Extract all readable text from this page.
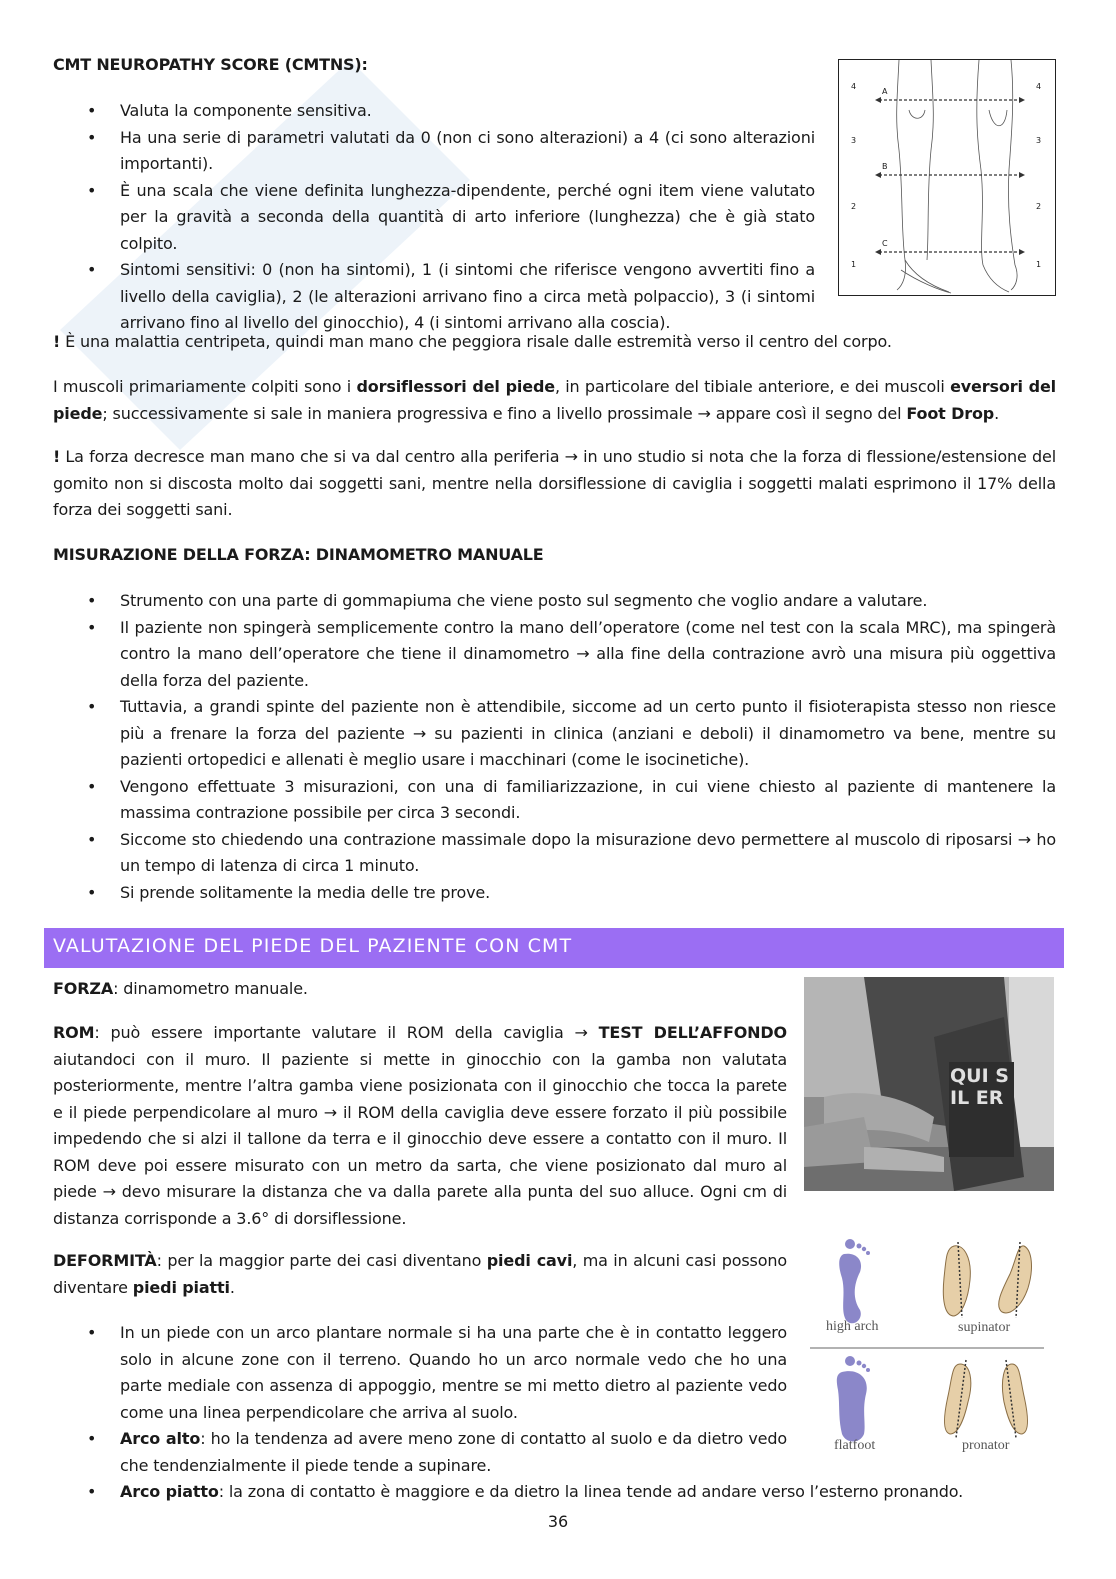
CMT NEUROPATHY SCORE (CMTNS):
• Valuta la componente sensitiva.
• Ha una serie di parametri valutati da 0 (non ci sono alterazioni) a 4 (ci sono alterazioni importanti).
• È una scala che viene definita lunghezza-dipendente, perché ogni item viene valutato per la gravità a seconda della quantità di arto inferiore (lunghezza) che è già stato colpito.
• Sintomi sensitivi: 0 (non ha sintomi), 1 (i sintomi che riferisce vengono avvertiti fino a livello della caviglia), 2 (le alterazioni arrivano fino a circa metà polpaccio), 3 (i sintomi arrivano fino al livello del ginocchio), 4 (i sintomi arrivano alla coscia).
4
3
2
1
4
3
2
1
A
B
C
! È una malattia centripeta, quindi man mano che peggiora risale dalle estremità verso il centro del corpo.
I muscoli primariamente colpiti sono i dorsiflessori del piede, in particolare del tibiale anteriore, e dei muscoli eversori del piede; successivamente si sale in maniera progressiva e fino a livello prossimale → appare così il segno del Foot Drop.
! La forza decresce man mano che si va dal centro alla periferia → in uno studio si nota che la forza di flessione/estensione del gomito non si discosta molto dai soggetti sani, mentre nella dorsiflessione di caviglia i soggetti malati esprimono il 17% della forza dei soggetti sani.
MISURAZIONE DELLA FORZA: DINAMOMETRO MANUALE
• Strumento con una parte di gommapiuma che viene posto sul segmento che voglio andare a valutare.
• Il paziente non spingerà semplicemente contro la mano dell’operatore (come nel test con la scala MRC), ma spingerà contro la mano dell’operatore che tiene il dinamometro → alla fine della contrazione avrò una misura più oggettiva della forza del paziente.
• Tuttavia, a grandi spinte del paziente non è attendibile, siccome ad un certo punto il fisioterapista stesso non riesce più a frenare la forza del paziente → su pazienti in clinica (anziani e deboli) il dinamometro va bene, mentre su pazienti ortopedici e allenati è meglio usare i macchinari (come le isocinetiche).
• Vengono effettuate 3 misurazioni, con una di familiarizzazione, in cui viene chiesto al paziente di mantenere la massima contrazione possibile per circa 3 secondi.
• Siccome sto chiedendo una contrazione massimale dopo la misurazione devo permettere al muscolo di riposarsi → ho un tempo di latenza di circa 1 minuto.
• Si prende solitamente la media delle tre prove.
VALUTAZIONE DEL PIEDE DEL PAZIENTE CON CMT
FORZA: dinamometro manuale.
ROM: può essere importante valutare il ROM della caviglia → TEST DELL’AFFONDO aiutandoci con il muro. Il paziente si mette in ginocchio con la gamba non valutata posteriormente, mentre l’altra gamba viene posizionata con il ginocchio che tocca la parete e il piede perpendicolare al muro → il ROM della caviglia deve essere forzato il più possibile impedendo che si alzi il tallone da terra e il ginocchio deve essere a contatto con il muro. Il ROM deve poi essere misurato con un metro da sarta, che viene posizionato dal muro al piede → devo misurare la distanza che va dalla parete alla punta del suo alluce. Ogni cm di distanza corrisponde a 3.6° di dorsiflessione.
QUI SIL ER
DEFORMITÀ: per la maggior parte dei casi diventano piedi cavi, ma in alcuni casi possono diventare piedi piatti.
• In un piede con un arco plantare normale si ha una parte che è in contatto leggero solo in alcune zone con il terreno. Quando ho un arco normale vedo che ho una parte mediale con assenza di appoggio, mentre se mi metto dietro al paziente vedo come una linea perpendicolare che arriva al suolo.
• Arco alto: ho la tendenza ad avere meno zone di contatto al suolo e da dietro vedo che tendenzialmente il piede tende a supinare.
• Arco piatto: la zona di contatto è maggiore e da dietro la linea tende ad andare verso l’esterno pronando.
high arch	supinator
flatfoot	pronator
36
